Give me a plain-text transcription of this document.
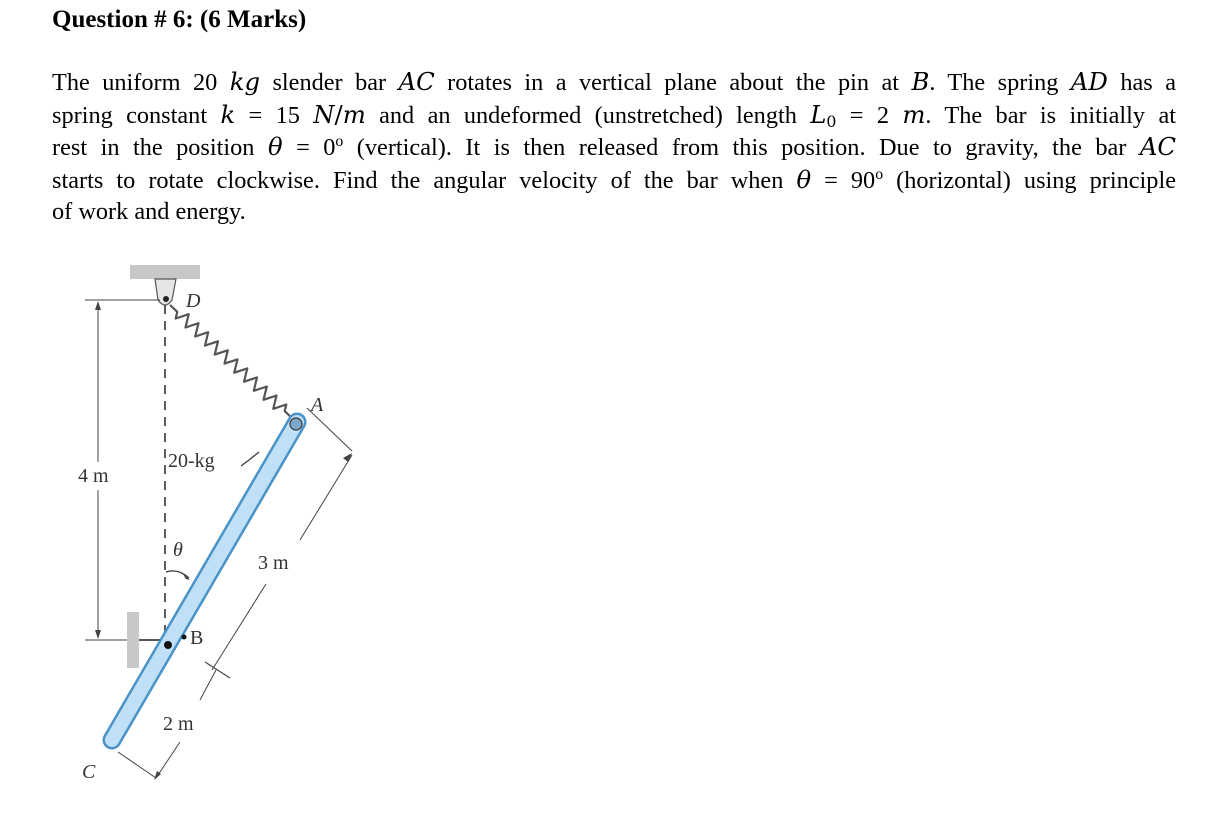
Question # 6: (6 Marks)
The uniform 20 kg slender bar AC rotates in a vertical plane about the pin at B. The spring AD has a
spring constant k = 15 N/m and an undeformed (unstretched) length $L_0 = 2$ m. The bar is initially at
rest in the position $\theta = 0^o$ (vertical). It is then released from this position. Due to gravity, the bar AC
starts to rotate clockwise. Find the angular velocity of the bar when $\theta = 90^o$ (horizontal) using principle
of work and energy.
D
A
20-kg
4 m
θ
3 m
B
2 m
C
